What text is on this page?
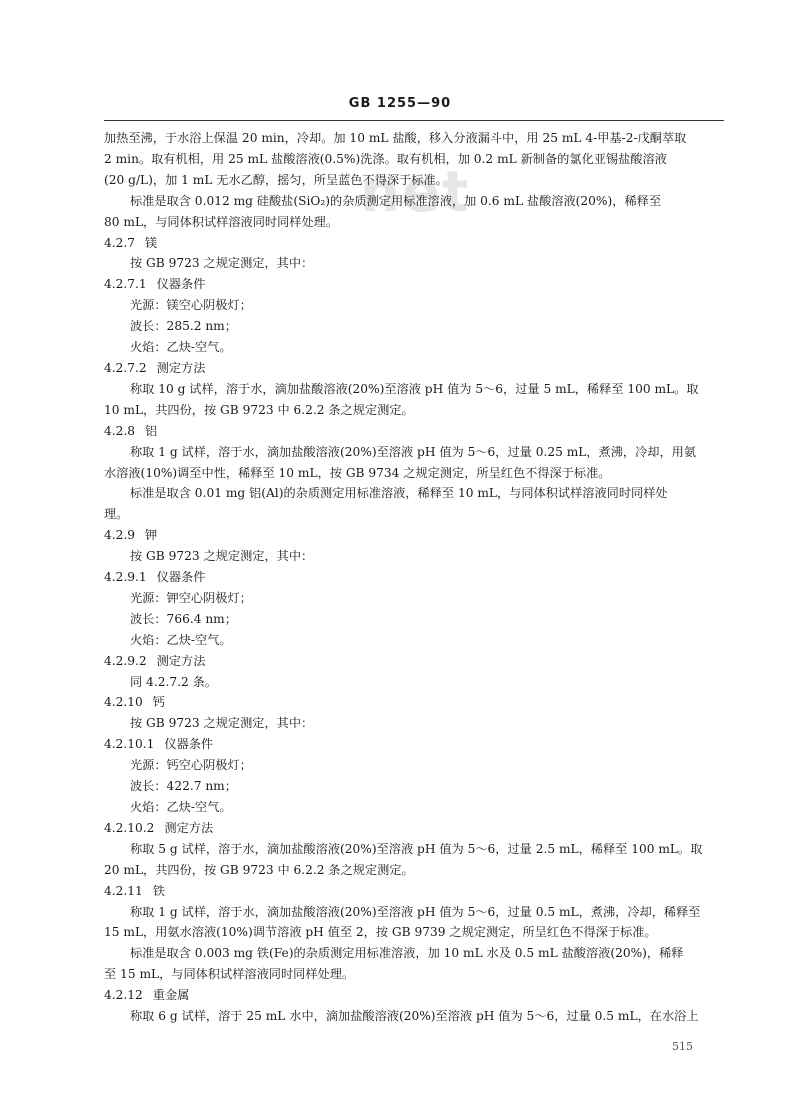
net
GB 1255—90
加热至沸，于水浴上保温 20 min，冷却。加 10 mL 盐酸，移入分液漏斗中，用 25 mL 4-甲基-2-戊酮萃取
2 min。取有机相，用 25 mL 盐酸溶液(0.5%)洗涤。取有机相，加 0.2 mL 新制备的氯化亚锡盐酸溶液
(20 g/L)，加 1 mL 无水乙醇，摇匀，所呈蓝色不得深于标准。
标准是取含 0.012 mg 硅酸盐(SiO₂)的杂质测定用标准溶液，加 0.6 mL 盐酸溶液(20%)，稀释至
80 mL，与同体积试样溶液同时同样处理。
4.2.7 镁
按 GB 9723 之规定测定，其中：
4.2.7.1 仪器条件
光源：镁空心阴极灯；
波长：285.2 nm；
火焰：乙炔-空气。
4.2.7.2 测定方法
称取 10 g 试样，溶于水，滴加盐酸溶液(20%)至溶液 pH 值为 5～6，过量 5 mL，稀释至 100 mL。取
10 mL，共四份，按 GB 9723 中 6.2.2 条之规定测定。
4.2.8 铝
称取 1 g 试样，溶于水，滴加盐酸溶液(20%)至溶液 pH 值为 5～6，过量 0.25 mL，煮沸，冷却，用氨
水溶液(10%)调至中性，稀释至 10 mL，按 GB 9734 之规定测定，所呈红色不得深于标准。
标准是取含 0.01 mg 铝(Al)的杂质测定用标准溶液，稀释至 10 mL，与同体积试样溶液同时同样处
理。
4.2.9 钾
按 GB 9723 之规定测定，其中：
4.2.9.1 仪器条件
光源：钾空心阴极灯；
波长：766.4 nm；
火焰：乙炔-空气。
4.2.9.2 测定方法
同 4.2.7.2 条。
4.2.10 钙
按 GB 9723 之规定测定，其中：
4.2.10.1 仪器条件
光源：钙空心阴极灯；
波长：422.7 nm；
火焰：乙炔-空气。
4.2.10.2 测定方法
称取 5 g 试样，溶于水，滴加盐酸溶液(20%)至溶液 pH 值为 5～6，过量 2.5 mL，稀释至 100 mL。取
20 mL，共四份，按 GB 9723 中 6.2.2 条之规定测定。
4.2.11 铁
称取 1 g 试样，溶于水，滴加盐酸溶液(20%)至溶液 pH 值为 5～6，过量 0.5 mL，煮沸，冷却，稀释至
15 mL，用氨水溶液(10%)调节溶液 pH 值至 2，按 GB 9739 之规定测定，所呈红色不得深于标准。
标准是取含 0.003 mg 铁(Fe)的杂质测定用标准溶液，加 10 mL 水及 0.5 mL 盐酸溶液(20%)，稀释
至 15 mL，与同体积试样溶液同时同样处理。
4.2.12 重金属
称取 6 g 试样，溶于 25 mL 水中，滴加盐酸溶液(20%)至溶液 pH 值为 5～6，过量 0.5 mL，在水浴上
515
